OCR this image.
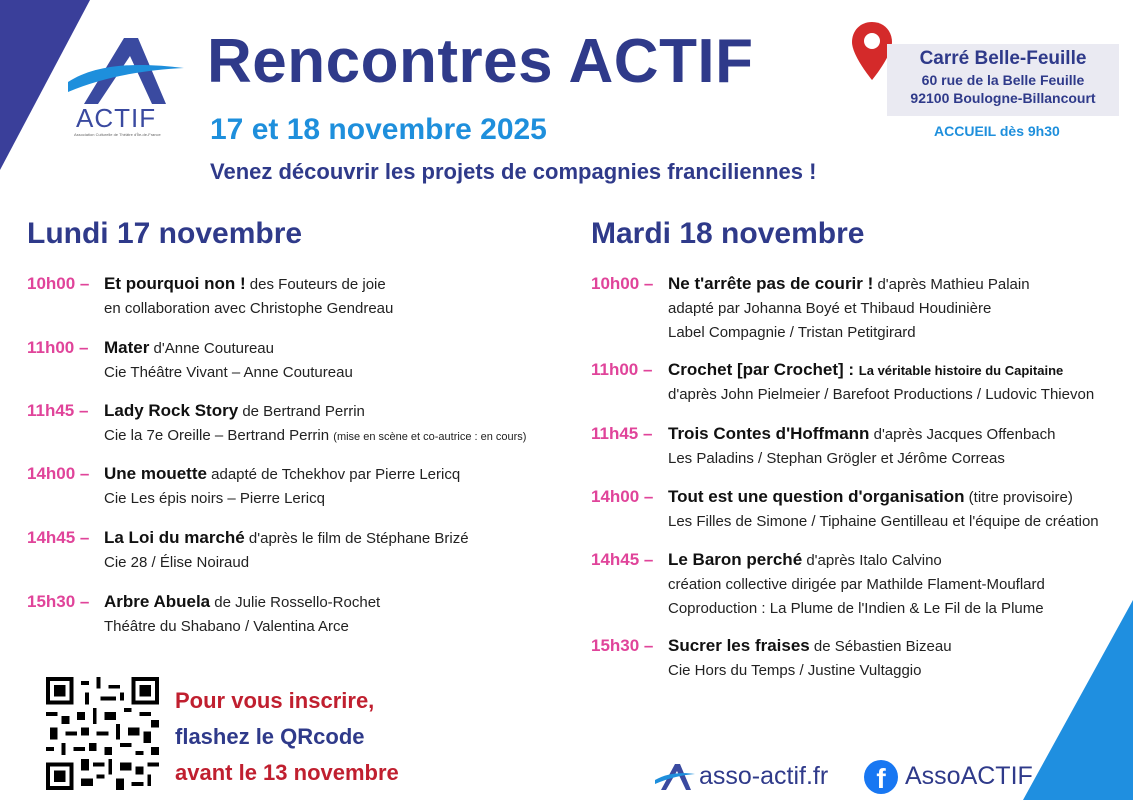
ACTIF
Association Culturelle de Théâtre d'Île-de-France
Rencontres ACTIF
17 et 18 novembre 2025
Venez découvrir les projets de compagnies franciliennes !
Carré Belle-Feuille
60 rue de la Belle Feuille
92100 Boulogne-Billancourt
ACCUEIL dès 9h30
Lundi 17 novembre
10h00 – Et pourquoi non ! des Fouteurs de joie
en collaboration avec Christophe Gendreau
11h00 – Mater d'Anne Coutureau
Cie Théâtre Vivant – Anne Coutureau
11h45 – Lady Rock Story de Bertrand Perrin
Cie la 7e Oreille – Bertrand Perrin (mise en scène et co-autrice : en cours)
14h00 – Une mouette adapté de Tchekhov par Pierre Lericq
Cie Les épis noirs – Pierre Lericq
14h45 – La Loi du marché d'après le film de Stéphane Brizé
Cie 28 / Élise Noiraud
15h30 – Arbre Abuela de Julie Rossello-Rochet
Théâtre du Shabano / Valentina Arce
Mardi 18 novembre
10h00 – Ne t'arrête pas de courir ! d'après Mathieu Palain
adapté par Johanna Boyé et Thibaud Houdinière
Label Compagnie / Tristan Petitgirard
11h00 – Crochet [par Crochet] : La véritable histoire du Capitaine
d'après John Pielmeier / Barefoot Productions / Ludovic Thievon
11h45 – Trois Contes d'Hoffmann d'après Jacques Offenbach
Les Paladins / Stephan Grögler et Jérôme Correas
14h00 – Tout est une question d'organisation (titre provisoire)
Les Filles de Simone / Tiphaine Gentilleau et l'équipe de création
14h45 – Le Baron perché d'après Italo Calvino
création collective dirigée par Mathilde Flament-Mouflard
Coproduction : La Plume de l'Indien & Le Fil de la Plume
15h30 – Sucrer les fraises de Sébastien Bizeau
Cie Hors du Temps / Justine Vultaggio
Pour vous inscrire,
flashez le QRcode
avant le 13 novembre	asso-actif.fr	f AssoACTIF
